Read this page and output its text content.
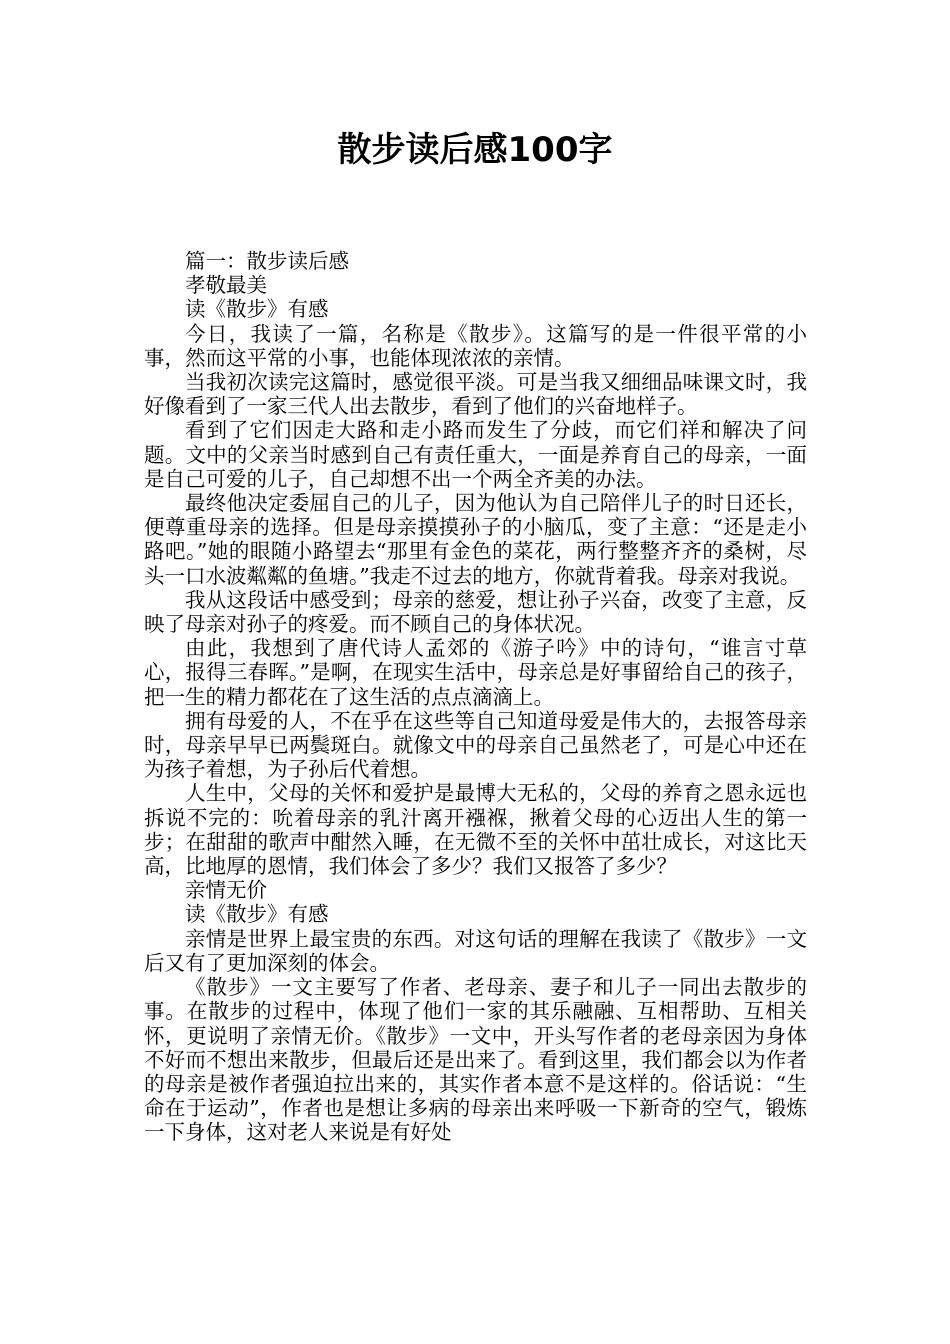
散步读后感100字

篇一：散步读后感

孝敬最美

读《散步》有感

今日，我读了一篇，名称是《散步》。这篇写的是一件很平常的小事，然而这平常的小事，也能体现浓浓的亲情。

当我初次读完这篇时，感觉很平淡。可是当我又细细品味课文时，我好像看到了一家三代人出去散步，看到了他们的兴奋地样子。

看到了它们因走大路和走小路而发生了分歧，而它们祥和解决了问题。文中的父亲当时感到自己有责任重大，一面是养育自己的母亲，一面是自己可爱的儿子，自己却想不出一个两全齐美的办法。

最终他决定委屈自己的儿子，因为他认为自己陪伴儿子的时日还长，便尊重母亲的选择。但是母亲摸摸孙子的小脑瓜，变了主意：“还是走小路吧。”她的眼随小路望去“那里有金色的菜花，两行整整齐齐的桑树，尽头一口水波粼粼的鱼塘。”我走不过去的地方，你就背着我。母亲对我说。

我从这段话中感受到；母亲的慈爱，想让孙子兴奋，改变了主意，反映了母亲对孙子的疼爱。而不顾自己的身体状况。

由此，我想到了唐代诗人孟郊的《游子吟》中的诗句，“谁言寸草心，报得三春晖。”是啊，在现实生活中，母亲总是好事留给自己的孩子，把一生的精力都花在了这生活的点点滴滴上。

拥有母爱的人，不在乎在这些等自己知道母爱是伟大的，去报答母亲时，母亲早早已两鬓斑白。就像文中的母亲自己虽然老了，可是心中还在为孩子着想，为子孙后代着想。

人生中，父母的关怀和爱护是最博大无私的，父母的养育之恩永远也拆说不完的：吮着母亲的乳汁离开襁褓，揪着父母的心迈出人生的第一步；在甜甜的歌声中酣然入睡，在无微不至的关怀中茁壮成长，对这比天高，比地厚的恩情，我们体会了多少？我们又报答了多少？

亲情无价

读《散步》有感

亲情是世界上最宝贵的东西。对这句话的理解在我读了《散步》一文后又有了更加深刻的体会。

《散步》一文主要写了作者、老母亲、妻子和儿子一同出去散步的事。在散步的过程中，体现了他们一家的其乐融融、互相帮助、互相关怀，更说明了亲情无价。《散步》一文中，开头写作者的老母亲因为身体不好而不想出来散步，但最后还是出来了。看到这里，我们都会以为作者的母亲是被作者强迫拉出来的，其实作者本意不是这样的。俗话说：“生命在于运动”，作者也是想让多病的母亲出来呼吸一下新奇的空气，锻炼一下身体，这对老人来说是有好处
